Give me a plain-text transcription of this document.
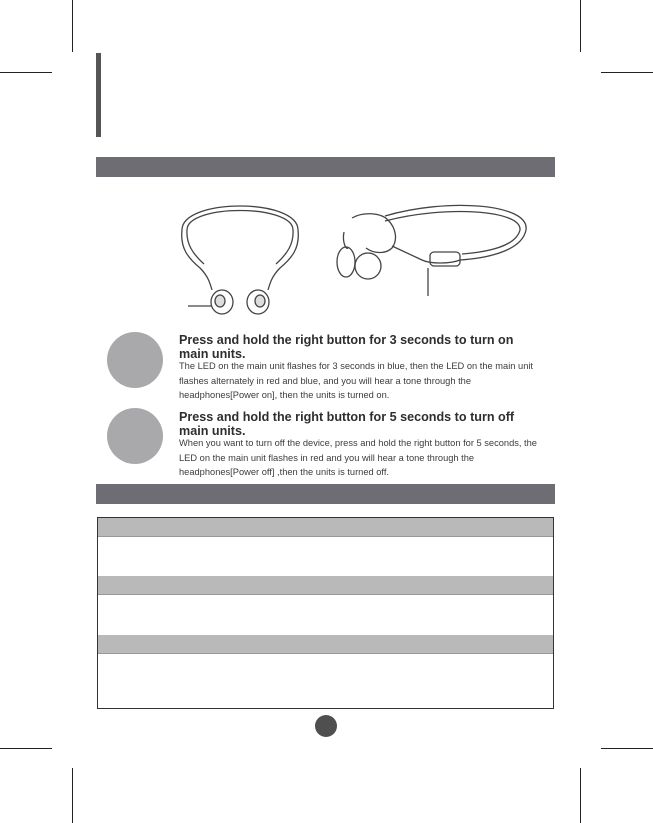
Press and hold the right button for 3 seconds to turn on main units.
The LED on the main unit flashes for 3 seconds in blue, then the LED on the main unit flashes alternately in red and blue, and you will hear a tone through the headphones[Power on], then the units is turned on.
Press and hold the right button for 5 seconds to turn off main units.
When you want to turn off the device, press and hold the right button for 5 seconds, the LED on the main unit flashes in red and you will hear a tone through the headphones[Power off] ,then the units is turned off.
